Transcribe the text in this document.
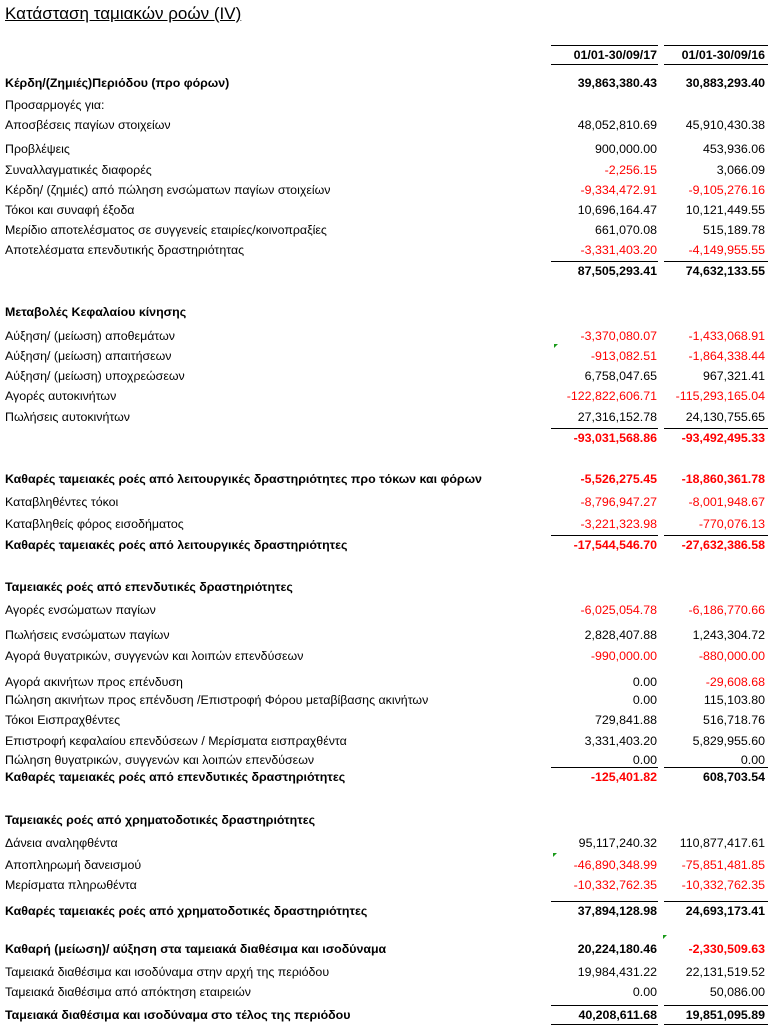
Κατάσταση ταμιακών ροών (IV)
01/01-30/09/17	01/01-30/09/16
Κέρδη/(Ζημιές)Περιόδου (προ φόρων)	39,863,380.43	30,883,293.40
Προσαρμογές για:
Αποσβέσεις παγίων στοιχείων	48,052,810.69	45,910,430.38
Προβλέψεις	900,000.00	453,936.06
Συναλλαγματικές διαφορές	-2,256.15	3,066.09
Κέρδη/ (ζημιές) από πώληση ενσώματων παγίων στοιχείων	-9,334,472.91	-9,105,276.16
Τόκοι και συναφή έξοδα	10,696,164.47	10,121,449.55
Μερίδιο αποτελέσματος σε συγγενείς εταιρίες/κοινοπραξίες	661,070.08	515,189.78
Αποτελέσματα επενδυτικής δραστηριότητας	-3,331,403.20	-4,149,955.55
87,505,293.41	74,632,133.55
Μεταβολές Κεφαλαίου κίνησης
Αύξηση/ (μείωση) αποθεμάτων	-3,370,080.07	-1,433,068.91
Αύξηση/ (μείωση) απαιτήσεων	-913,082.51	-1,864,338.44
Αύξηση/ (μείωση) υποχρεώσεων	6,758,047.65	967,321.41
Αγορές αυτοκινήτων	-122,822,606.71	-115,293,165.04
Πωλήσεις αυτοκινήτων	27,316,152.78	24,130,755.65
-93,031,568.86	-93,492,495.33
Καθαρές ταμειακές ροές από λειτουργικές δραστηριότητες προ τόκων και φόρων	-5,526,275.45	-18,860,361.78
Καταβληθέντες τόκοι	-8,796,947.27	-8,001,948.67
Καταβληθείς φόρος εισοδήματος	-3,221,323.98	-770,076.13
Καθαρές ταμειακές ροές από λειτουργικές δραστηριότητες	-17,544,546.70	-27,632,386.58
Ταμειακές ροές από επενδυτικές δραστηριότητες
Αγορές ενσώματων παγίων	-6,025,054.78	-6,186,770.66
Πωλήσεις ενσώματων παγίων	2,828,407.88	1,243,304.72
Αγορά θυγατρικών, συγγενών και λοιπών επενδύσεων	-990,000.00	-880,000.00
Αγορά ακινήτων προς επένδυση	0.00	-29,608.68
Πώληση ακινήτων προς επένδυση /Επιστροφή Φόρου μεταβίβασης ακινήτων	0.00	115,103.80
Τόκοι Εισπραχθέντες	729,841.88	516,718.76
Επιστροφή κεφαλαίου επενδύσεων / Μερίσματα εισπραχθέντα	3,331,403.20	5,829,955.60
Πώληση θυγατρικών, συγγενών και λοιπών επενδύσεων	0.00	0.00
Καθαρές ταμειακές ροές από επενδυτικές δραστηριότητες	-125,401.82	608,703.54
Ταμειακές ροές από χρηματοδοτικές δραστηριότητες
Δάνεια αναληφθέντα	95,117,240.32	110,877,417.61
Αποπληρωμή δανεισμού	-46,890,348.99	-75,851,481.85
Μερίσματα πληρωθέντα	-10,332,762.35	-10,332,762.35
Καθαρές ταμειακές ροές από χρηματοδοτικές δραστηριότητες	37,894,128.98	24,693,173.41
Καθαρή (μείωση)/ αύξηση στα ταμειακά διαθέσιμα και ισοδύναμα	20,224,180.46	-2,330,509.63
Ταμειακά διαθέσιμα και ισοδύναμα στην αρχή της περιόδου	19,984,431.22	22,131,519.52
Ταμειακά διαθέσιμα από απόκτηση εταιρειών	0.00	50,086.00
Ταμειακά διαθέσιμα και ισοδύναμα στο τέλος της περιόδου	40,208,611.68	19,851,095.89
